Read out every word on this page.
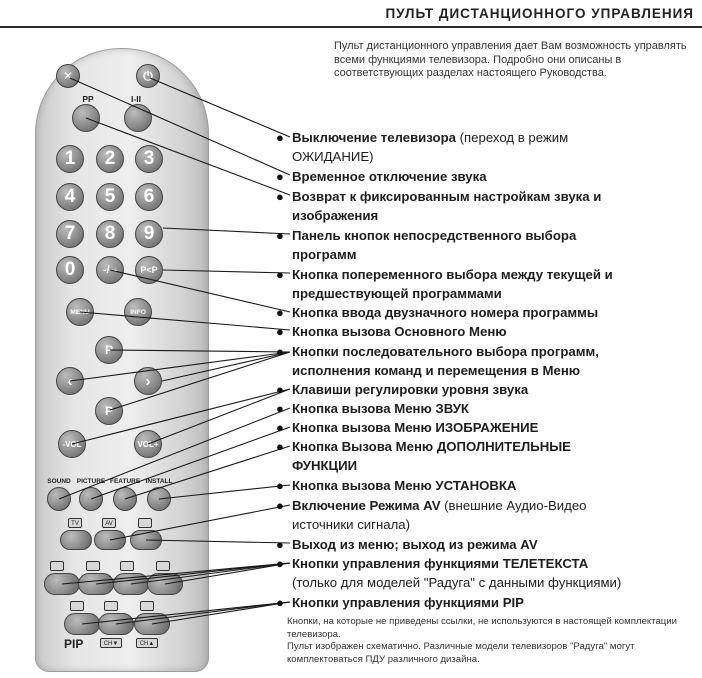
ПУЛЬТ ДИСТАНЦИОННОГО УПРАВЛЕНИЯ
Пульт дистанционного управления дает Вам возможность управлять всеми функциями телевизора. Подробно они описаны в соответствующих разделах настоящего Руководства.
✕	⏻
PP	I-II
1	2	3
4	5	6
7	8	9
0	-/--	P<P
MENU	INFO
P
‹	›
P
-VOL	VOL+
SOUND PICTURE FEATURE INSTALL
TV	AV
PIP	CH▼	CH▲
● Выключение телевизора (переход в режим
ОЖИДАНИЕ)
● Временное отключение звука
● Возврат к фиксированным настройкам звука и
изображения
● Панель кнопок непосредственного выбора
программ
● Кнопка попеременного выбора между текущей и
предшествующей программами
● Кнопка ввода двузначного номера программы
● Кнопка вызова Основного Меню
● Кнопки последовательного выбора программ,
исполнения команд и перемещения в Меню
● Клавиши регулировки уровня звука
● Кнопка вызова Меню ЗВУК
● Кнопка вызова Меню ИЗОБРАЖЕНИЕ
● Кнопка Вызова Меню ДОПОЛНИТЕЛЬНЫЕ
ФУНКЦИИ
● Кнопка вызова Меню УСТАНОВКА
● Включение Режима AV (внешние Аудио-Видео
источники сигнала)
● Выход из меню; выход из режима AV
● Кнопки управления функциями ТЕЛЕТЕКСТА
(только для моделей "Радуга" с данными функциями)
● Кнопки управления функциями PIP
Кнопки, на которые не приведены ссылки, не используются в настоящей комплектации телевизора.
Пульт изображен схематично. Различные модели телевизоров "Радуга" могут комплектоваться ПДУ различного дизайна.
